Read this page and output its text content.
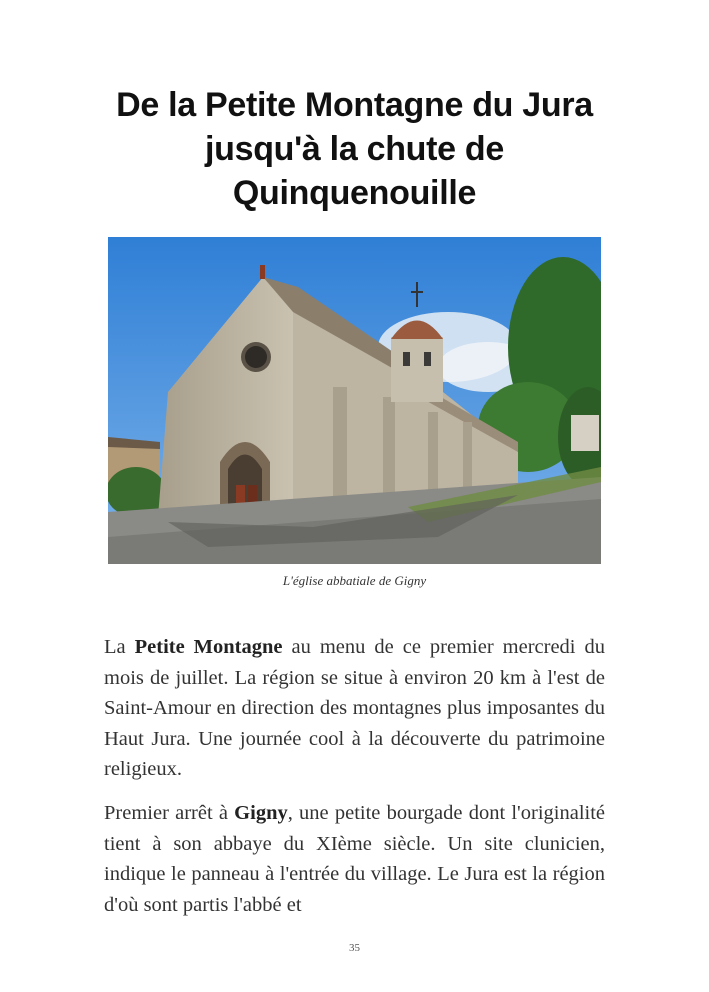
De la Petite Montagne du Jura
jusqu'à la chute de
Quinquenouille
L'église abbatiale de Gigny

La Petite Montagne au menu de ce premier mercredi du mois de juillet. La région se situe à environ 20 km à l'est de Saint-Amour en direction des montagnes plus imposantes du Haut Jura. Une journée cool à la découverte du patrimoine religieux.

Premier arrêt à Gigny, une petite bourgade dont l'originalité tient à son abbaye du XIème siècle. Un site clunicien, indique le panneau à l'entrée du village. Le Jura est la région d'où sont partis l'abbé et

35
